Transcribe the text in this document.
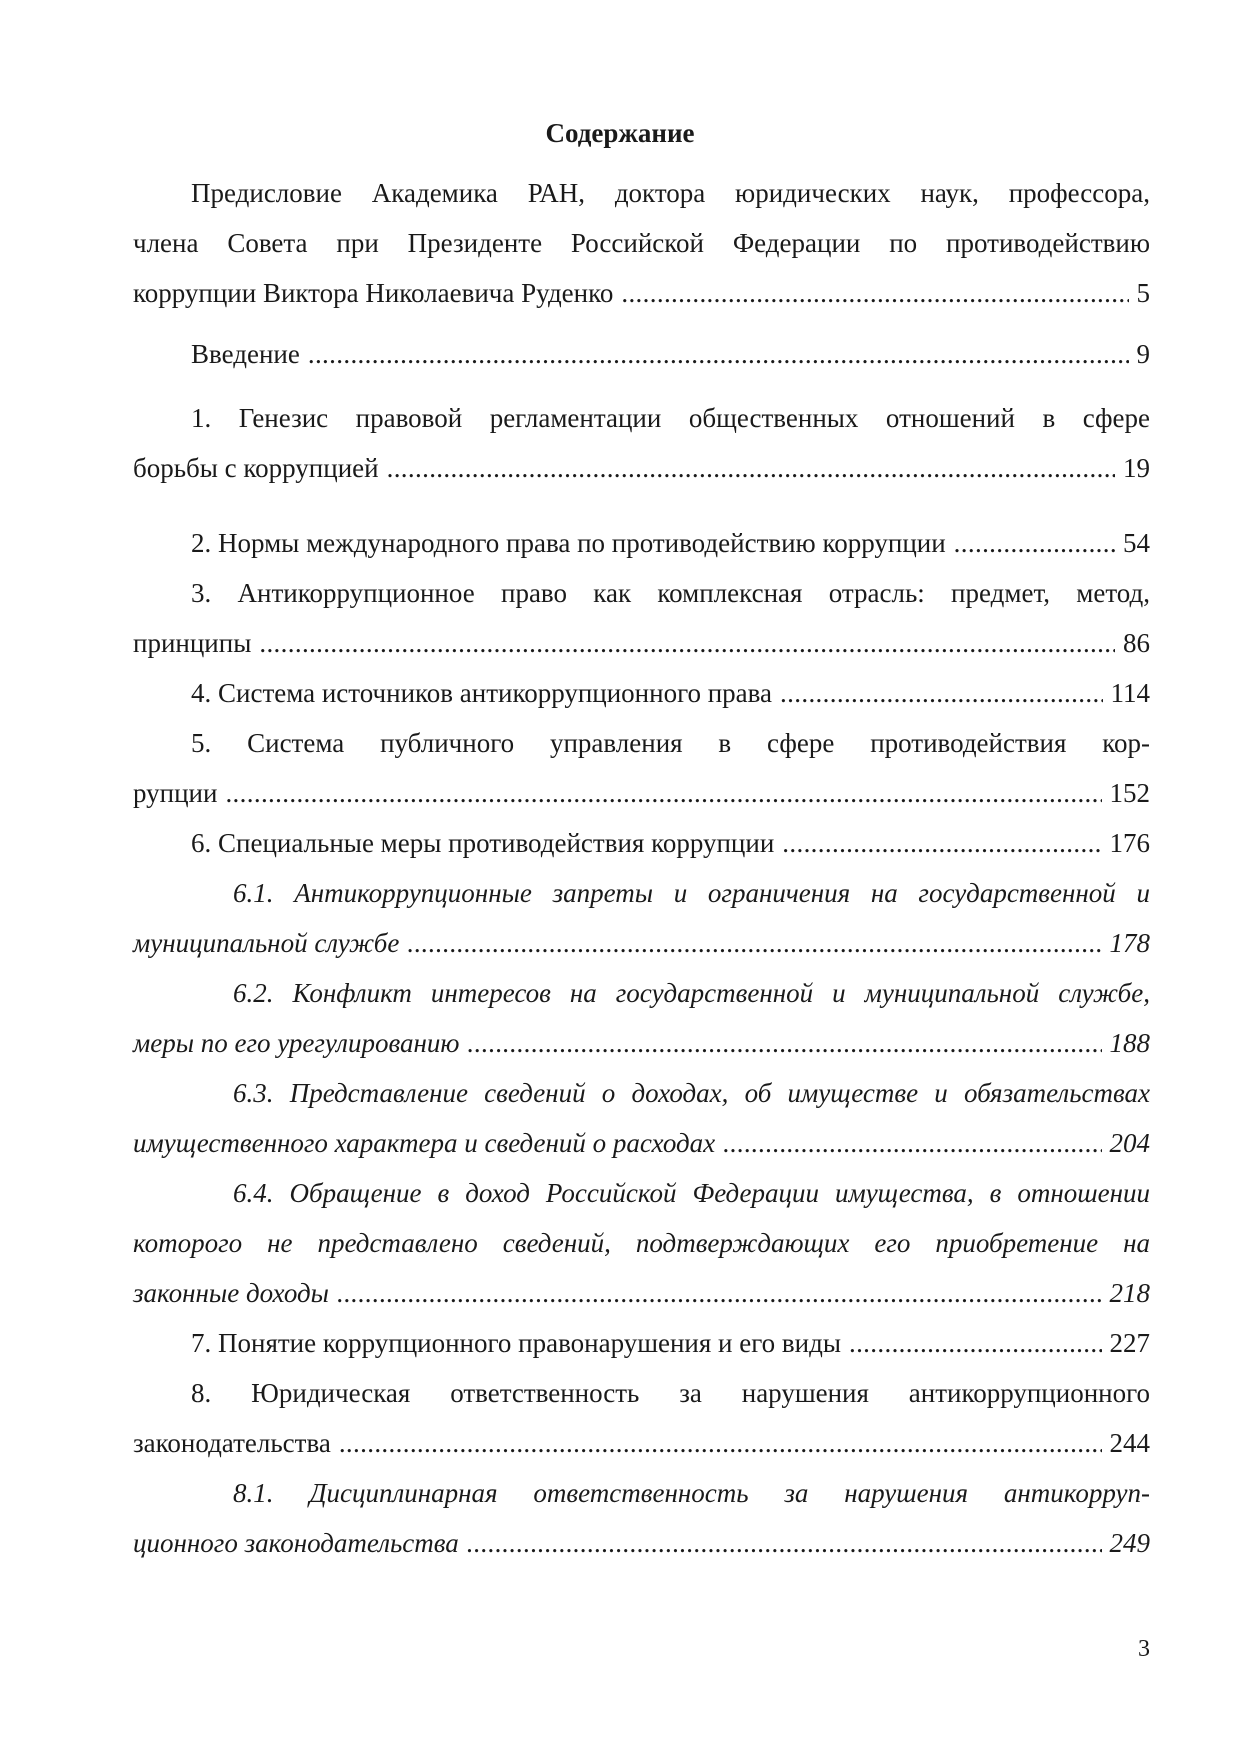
Содержание
Предисловие Академика РАН, доктора юридических наук, профессора,
члена Совета при Президенте Российской Федерации по противодействию
коррупции Виктора Николаевича Руденко . . .	5
Введение . . .	9
1. Генезис правовой регламентации общественных отношений в сфере
борьбы с коррупцией . . .	19
2. Нормы международного права по противодействию коррупции . . .	54
3. Антикоррупционное право как комплексная отрасль: предмет, метод,
принципы . . .	86
4. Система источников антикоррупционного права . . .	114
5. Система публичного управления в сфере противодействия кор-
рупции . . .	152
6. Специальные меры противодействия коррупции . . .	176
6.1. Антикоррупционные запреты и ограничения на государственной и
муниципальной службе . . .	178
6.2. Конфликт интересов на государственной и муниципальной службе,
меры по его урегулированию . . .	188
6.3. Представление сведений о доходах, об имуществе и обязательствах
имущественного характера и сведений о расходах . . .	204
6.4. Обращение в доход Российской Федерации имущества, в отношении
которого не представлено сведений, подтверждающих его приобретение на
законные доходы . . .	218
7. Понятие коррупционного правонарушения и его виды . . .	227
8. Юридическая ответственность за нарушения антикоррупционного
законодательства . . .	244
8.1. Дисциплинарная ответственность за нарушения антикорруп-
ционного законодательства . . .	249
3
